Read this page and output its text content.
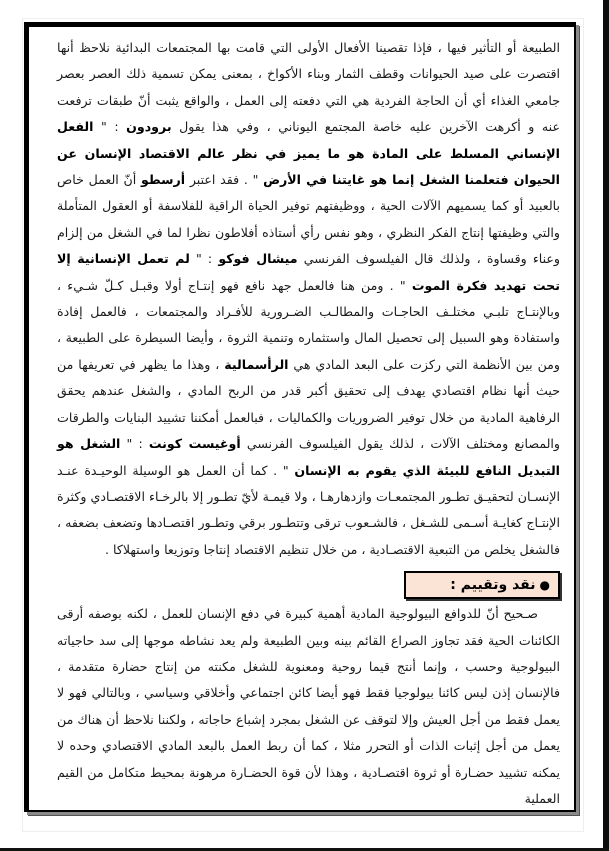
الطبيعة أو التأثير فيها ، فإذا تقصينا الأفعال الأولى التي قامت بها المجتمعات البدائية نلاحظ أنها اقتصرت على صيد الحيوانات وقطف الثمار وبناء الأكواخ ، بمعنى يمكن تسمية ذلك العصر بعصر جامعي الغذاء أي أن الحاجة الفردية هي التي دفعته إلى العمل ، والواقع يثبت أنّ طبقات ترفعت عنه و أكرهت الآخرين عليه خاصة المجتمع اليوناني ، وفي هذا يقول برودون : " الفعل الإنساني المسلط على المادة هو ما يميز في نظر عالم الاقتصاد الإنسان عن الحيوان فتعلمنا الشغل إنما هو غايتنا في الأرض " . فقد اعتبر أرسطو أنّ العمل خاص بالعبيد أو كما يسميهم الآلات الحية ، ووظيفتهم توفير الحياة الراقية للفلاسفة أو العقول المتأملة والتي وظيفتها إنتاج الفكر النظري ، وهو نفس رأي أستاذه أفلاطون نظرا لما في الشغل من إلزام وعناء وقساوة ، ولذلك قال الفيلسوف الفرنسي ميشال فوكو : " لم تعمل الإنسانية إلا تحت تهديد فكرة الموت " . ومن هنا فالعمل جهد نافع فهو إنتـاج أولا وقبـل كـلّ شـيء ، وبالإنتـاج تلبـي مختلـف الحاجـات والمطالـب الضـرورية للأفـراد والمجتمعات ، فالعمل إفادة واستفادة وهو السبيل إلى تحصيل المال واستثماره وتنمية الثروة ، وأيضا السيطرة على الطبيعة ، ومن بين الأنظمة التي ركزت على البعد المادي هي الرأسمالية ، وهذا ما يظهر في تعريفها من حيث أنها نظام اقتصادي يهدف إلى تحقيق أكبر قدر من الربح المادي ، والشغل عندهم يحقق الرفاهية المادية من خلال توفير الضروريات والكماليات ، فبالعمل أمكننا تشييد البنايات والطرقات والمصانع ومختلف الآلات ، لذلك يقول الفيلسوف الفرنسي أوغيست كونت : " الشغل هو التبديل النافع للبيئة الذي يقوم به الإنسان " . كما أن العمل هو الوسيلة الوحيـدة عنـد الإنسـان لتحقيـق تطـور المجتمعـات وازدهارهـا ، ولا قيمـة لأيّ تطـور إلا بالرخـاء الاقتصـادي وكثرة الإنتـاج كغايـة أسـمى للشـغل ، فالشـعوب ترقى وتتطـور برقي وتطـور اقتصـادها وتضعف بضعفه ، فالشغل يخلص من التبعية الاقتصـادية ، من خلال تنظيم الاقتصاد إنتاجا وتوزيعا واستهلاكا .

●نقد وتقييم :

صـحيح أنّ للدوافع البيولوجية المادية أهمية كبيرة في دفع الإنسان للعمل ، لكنه بوصفه أرقى الكائنات الحية فقد تجاوز الصراع القائم بينه وبين الطبيعة ولم يعد نشاطه موجها إلى سد حاجياته البيولوجية وحسب ، وإنما أنتج قيما روحية ومعنوية للشغل مكنته من إنتاج حضارة متقدمة ، فالإنسان إذن ليس كائنا بيولوجيا فقط فهو أيضا كائن اجتماعي وأخلاقي وسياسي ، وبالتالي فهو لا يعمل فقط من أجل العيش وإلا لتوقف عن الشغل بمجرد إشباع حاجاته ، ولكننا نلاحظ أن هناك من يعمل من أجل إثبات الذات أو التحرر مثلا ، كما أن ربط العمل بالبعد المادي الاقتصادي وحده لا يمكنه تشييد حضـارة أو ثروة اقتصـادية ، وهذا لأن قوة الحضـارة مرهونة بمحيط متكامل من القيم العملية
